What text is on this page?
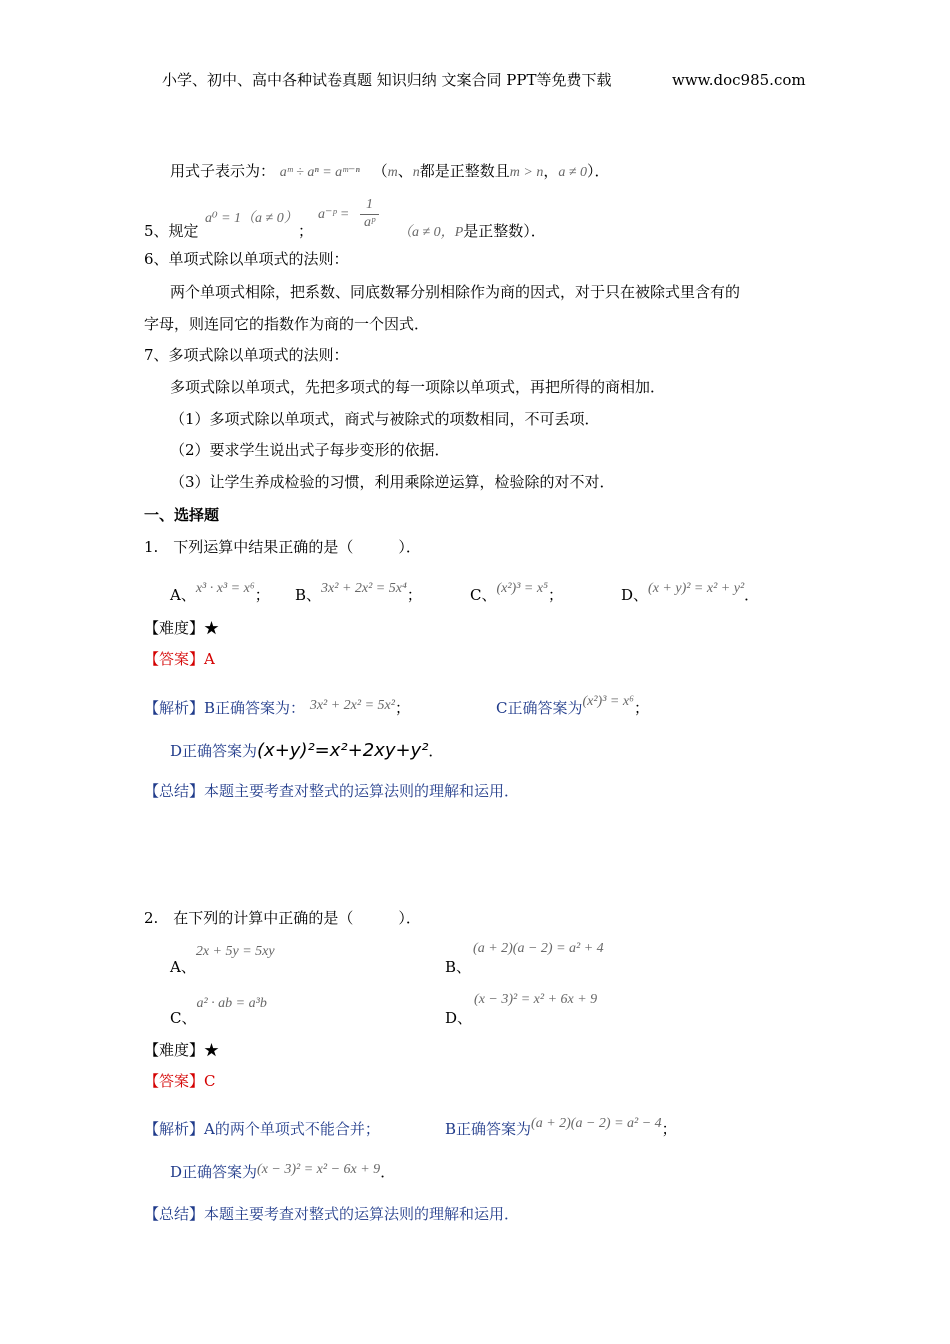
小学、初中、高中各种试卷真题 知识归纳 文案合同 PPT等免费下载	www.doc985.com
用式子表示为： aᵐ ÷ aⁿ = aᵐ⁻ⁿ （m、n都是正整数且m > n，a ≠ 0）．
5、规定
a⁰ = 1（a ≠ 0）
；
a⁻ᵖ = $\frac{1}{\text{aᵖ}}$
（a ≠ 0，P是正整数）．
6、单项式除以单项式的法则：
两个单项式相除，把系数、同底数幂分别相除作为商的因式，对于只在被除式里含有的
字母，则连同它的指数作为商的一个因式．
7、多项式除以单项式的法则：
多项式除以单项式，先把多项式的每一项除以单项式，再把所得的商相加．
（1）多项式除以单项式，商式与被除式的项数相同，不可丢项．
（2）要求学生说出式子每步变形的依据．
（3）让学生养成检验的习惯，利用乘除逆运算，检验除的对不对．
一、选择题
1.　下列运算中结果正确的是（　　　）．
A、x³ · x³ = x⁶； B、3x² + 2x² = 5x⁴；	C、(x²)³ = x⁵；	D、(x + y)² = x² + y²．
【难度】★
【答案】A
【解析】B正确答案为： 3x² + 2x² = 5x²；	C正确答案为(x²)³ = x⁶；
D正确答案为(x+y)²=x²+2xy+y²．
【总结】本题主要考查对整式的运算法则的理解和运用．
2.　在下列的计算中正确的是（　　　）．
A、2x + 5y = 5xy
B、(a + 2)(a − 2) = a² + 4
C、a² · ab = a³b
D、(x − 3)² = x² + 6x + 9
【难度】★
【答案】C
【解析】A的两个单项式不能合并；	B正确答案为(a + 2)(a − 2) = a² − 4；
D正确答案为(x − 3)² = x² − 6x + 9．
【总结】本题主要考查对整式的运算法则的理解和运用．
